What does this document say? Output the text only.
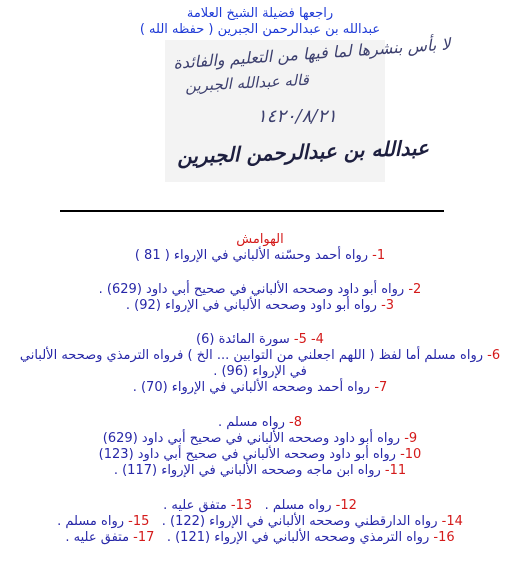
راجعها فضيلة الشيخ العلامة
عبدالله بن عبدالرحمن الجبرين ( حفظه الله )
لا بأس بنشرها لما فيها من التعليم والفائدة
قاله عبدالله الجبرين
١٤٢٠/٨/٢١
عبدالله بن عبدالرحمن الجبرين
الهوامش
1- رواه أحمد وحسّنه الألباني في الإرواء ( 81 )
2- رواه أبو داود وصححه الألباني في صحيح أبي داود (629) .
3- رواه أبو داود وصححه الألباني في الإرواء (92) .
4- 5- سورة المائدة (6)
6- رواه مسلم أما لفظ ( اللهم اجعلني من التوابين ... الخ ) فرواه الترمذي وصححه الألباني
في الإرواء (96) .
7- رواه أحمد وصححه الألباني في الإرواء (70) .
8- رواه مسلم .
9- رواه أبو داود وصححه الألباني في صحيح أبي داود (629)
10- رواه أبو داود وصححه الألباني في صحيح أبي داود (123)
11- رواه ابن ماجه وصححه الألباني في الإرواء (117) .
12- رواه مسلم .   13- متفق عليه .
14- رواه الدارقطني وصححه الألباني في الإرواء (122) .   15- رواه مسلم .
16- رواه الترمذي وصححه الألباني في الإرواء (121) .   17- متفق عليه .
